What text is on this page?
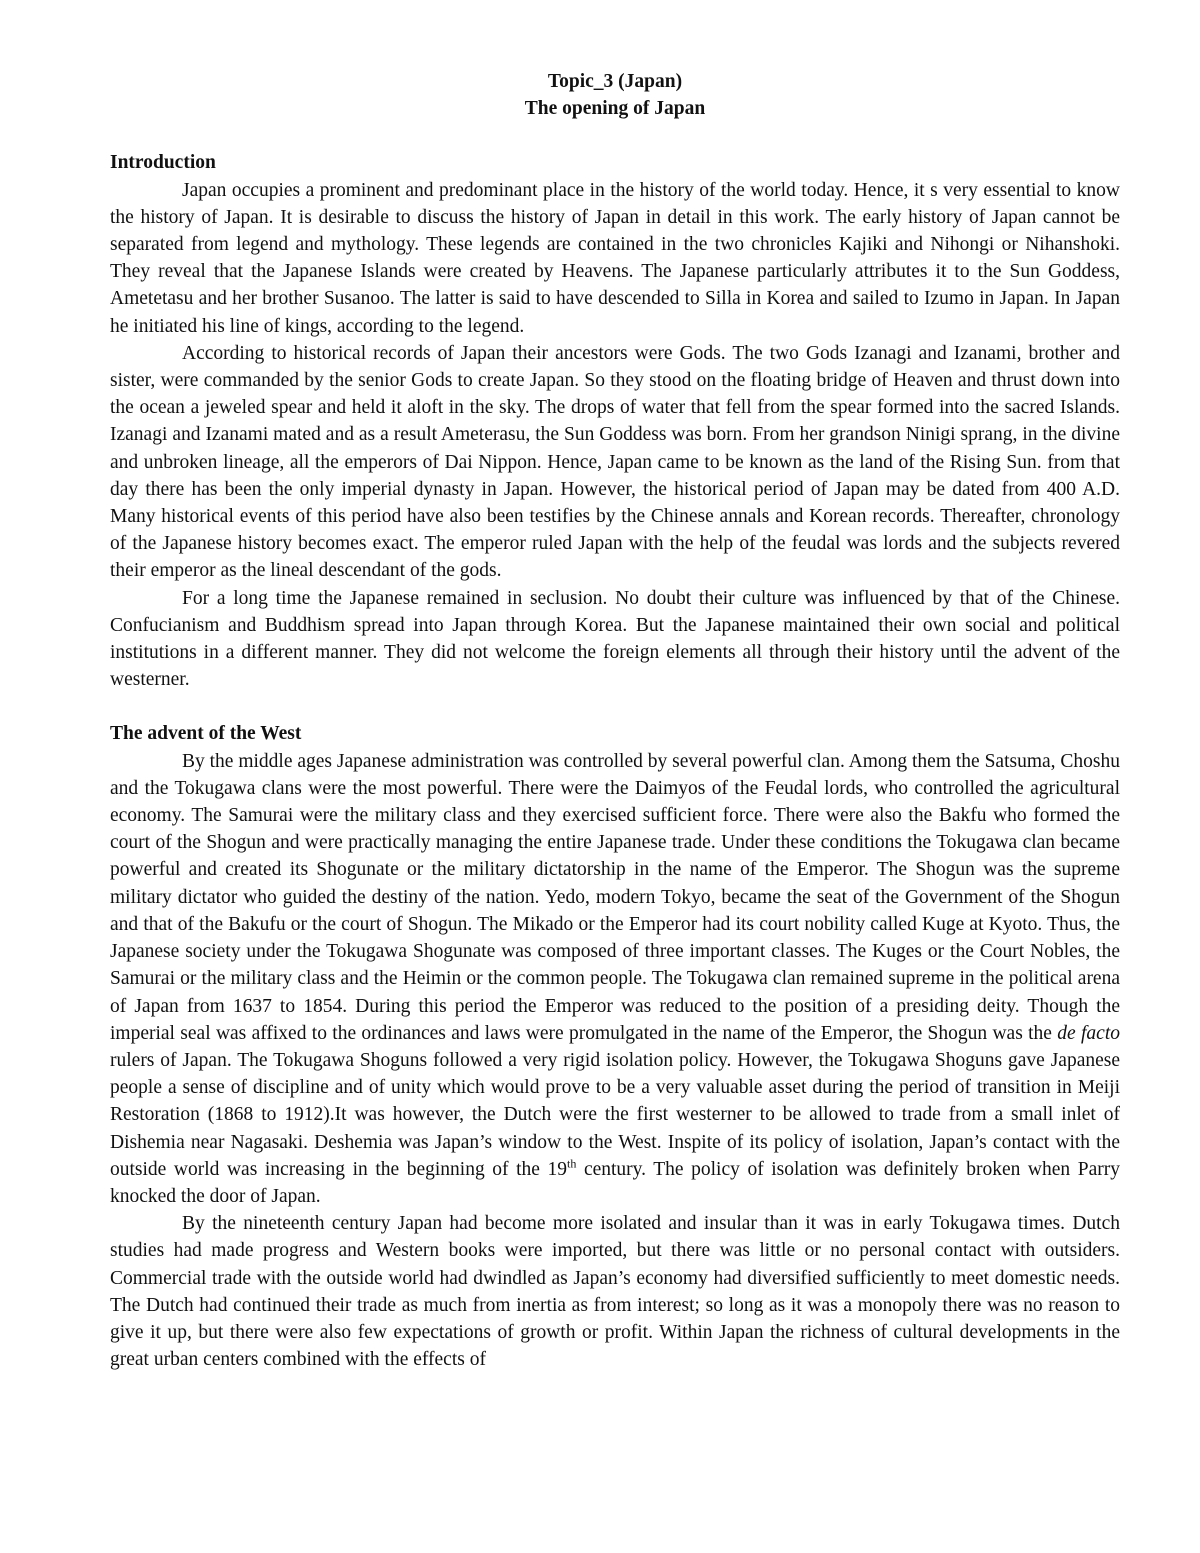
Topic_3 (Japan)
The opening of Japan
Introduction

Japan occupies a prominent and predominant place in the history of the world today. Hence, it s very essential to know the history of Japan. It is desirable to discuss the history of Japan in detail in this work. The early history of Japan cannot be separated from legend and mythology. These legends are contained in the two chronicles Kajiki and Nihongi or Nihanshoki. They reveal that the Japanese Islands were created by Heavens. The Japanese particularly attributes it to the Sun Goddess, Ametetasu and her brother Susanoo. The latter is said to have descended to Silla in Korea and sailed to Izumo in Japan. In Japan he initiated his line of kings, according to the legend.

According to historical records of Japan their ancestors were Gods. The two Gods Izanagi and Izanami, brother and sister, were commanded by the senior Gods to create Japan. So they stood on the floating bridge of Heaven and thrust down into the ocean a jeweled spear and held it aloft in the sky. The drops of water that fell from the spear formed into the sacred Islands. Izanagi and Izanami mated and as a result Ameterasu, the Sun Goddess was born. From her grandson Ninigi sprang, in the divine and unbroken lineage, all the emperors of Dai Nippon. Hence, Japan came to be known as the land of the Rising Sun. from that day there has been the only imperial dynasty in Japan. However, the historical period of Japan may be dated from 400 A.D. Many historical events of this period have also been testifies by the Chinese annals and Korean records. Thereafter, chronology of the Japanese history becomes exact. The emperor ruled Japan with the help of the feudal was lords and the subjects revered their emperor as the lineal descendant of the gods.

For a long time the Japanese remained in seclusion. No doubt their culture was influenced by that of the Chinese. Confucianism and Buddhism spread into Japan through Korea. But the Japanese maintained their own social and political institutions in a different manner. They did not welcome the foreign elements all through their history until the advent of the westerner.

The advent of the West

By the middle ages Japanese administration was controlled by several powerful clan. Among them the Satsuma, Choshu and the Tokugawa clans were the most powerful. There were the Daimyos of the Feudal lords, who controlled the agricultural economy. The Samurai were the military class and they exercised sufficient force. There were also the Bakfu who formed the court of the Shogun and were practically managing the entire Japanese trade. Under these conditions the Tokugawa clan became powerful and created its Shogunate or the military dictatorship in the name of the Emperor. The Shogun was the supreme military dictator who guided the destiny of the nation. Yedo, modern Tokyo, became the seat of the Government of the Shogun and that of the Bakufu or the court of Shogun. The Mikado or the Emperor had its court nobility called Kuge at Kyoto. Thus, the Japanese society under the Tokugawa Shogunate was composed of three important classes. The Kuges or the Court Nobles, the Samurai or the military class and the Heimin or the common people. The Tokugawa clan remained supreme in the political arena of Japan from 1637 to 1854. During this period the Emperor was reduced to the position of a presiding deity. Though the imperial seal was affixed to the ordinances and laws were promulgated in the name of the Emperor, the Shogun was the de facto rulers of Japan. The Tokugawa Shoguns followed a very rigid isolation policy. However, the Tokugawa Shoguns gave Japanese people a sense of discipline and of unity which would prove to be a very valuable asset during the period of transition in Meiji Restoration (1868 to 1912).It was however, the Dutch were the first westerner to be allowed to trade from a small inlet of Dishemia near Nagasaki. Deshemia was Japan’s window to the West. Inspite of its policy of isolation, Japan’s contact with the outside world was increasing in the beginning of the 19th century. The policy of isolation was definitely broken when Parry knocked the door of Japan.

By the nineteenth century Japan had become more isolated and insular than it was in early Tokugawa times. Dutch studies had made progress and Western books were imported, but there was little or no personal contact with outsiders. Commercial trade with the outside world had dwindled as Japan’s economy had diversified sufficiently to meet domestic needs. The Dutch had continued their trade as much from inertia as from interest; so long as it was a monopoly there was no reason to give it up, but there were also few expectations of growth or profit. Within Japan the richness of cultural developments in the great urban centers combined with the effects of
